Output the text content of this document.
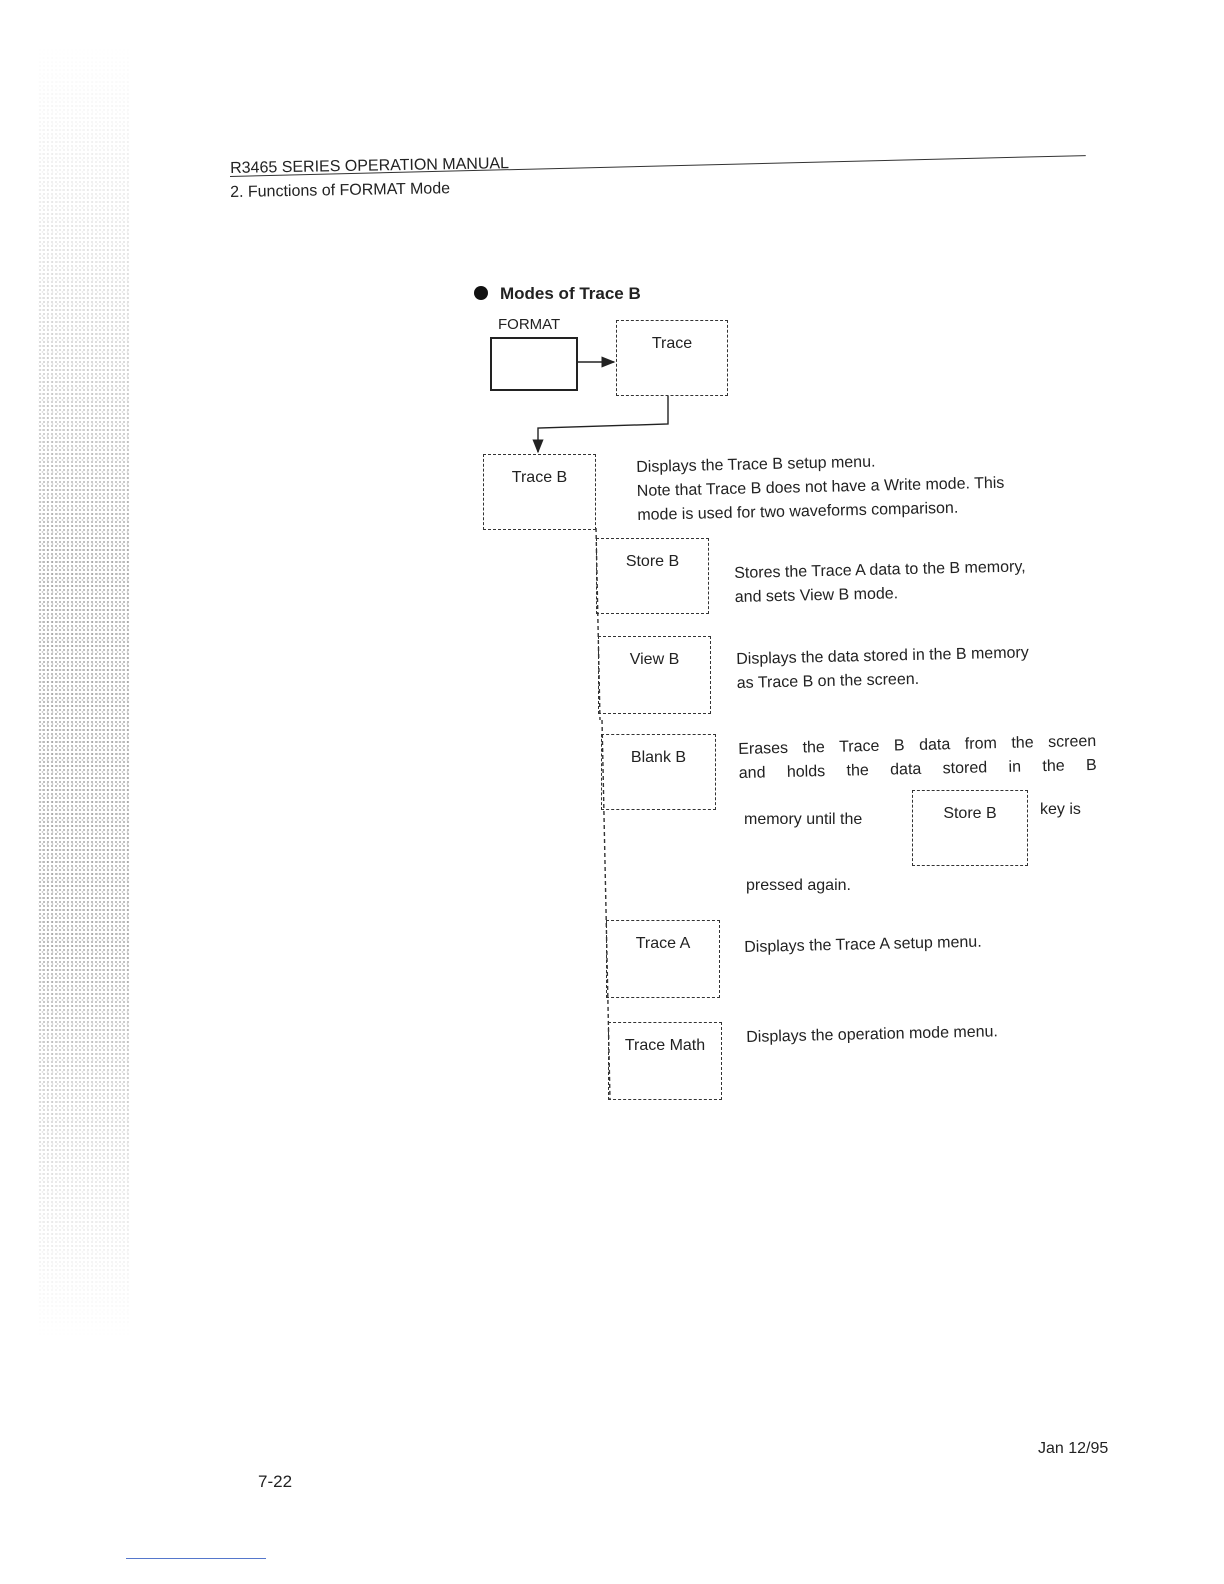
R3465 SERIES OPERATION MANUAL
2. Functions of FORMAT Mode
Modes of Trace B
FORMAT
Trace
Trace B
Displays the Trace B setup menu.
Note that Trace B does not have a Write mode. This
mode is used for two waveforms comparison.
Store B	Stores the Trace A data to the B memory,
and sets View B mode.
View B	Displays the data stored in the B memory
as Trace B on the screen.
Blank B	Erases the Trace B data from the screen
and holds the data stored in the B
memory until the	Store B	key is
pressed again.
Trace A	Displays the Trace A setup menu.
Trace Math	Displays the operation mode menu.
Jan 12/95
7-22
